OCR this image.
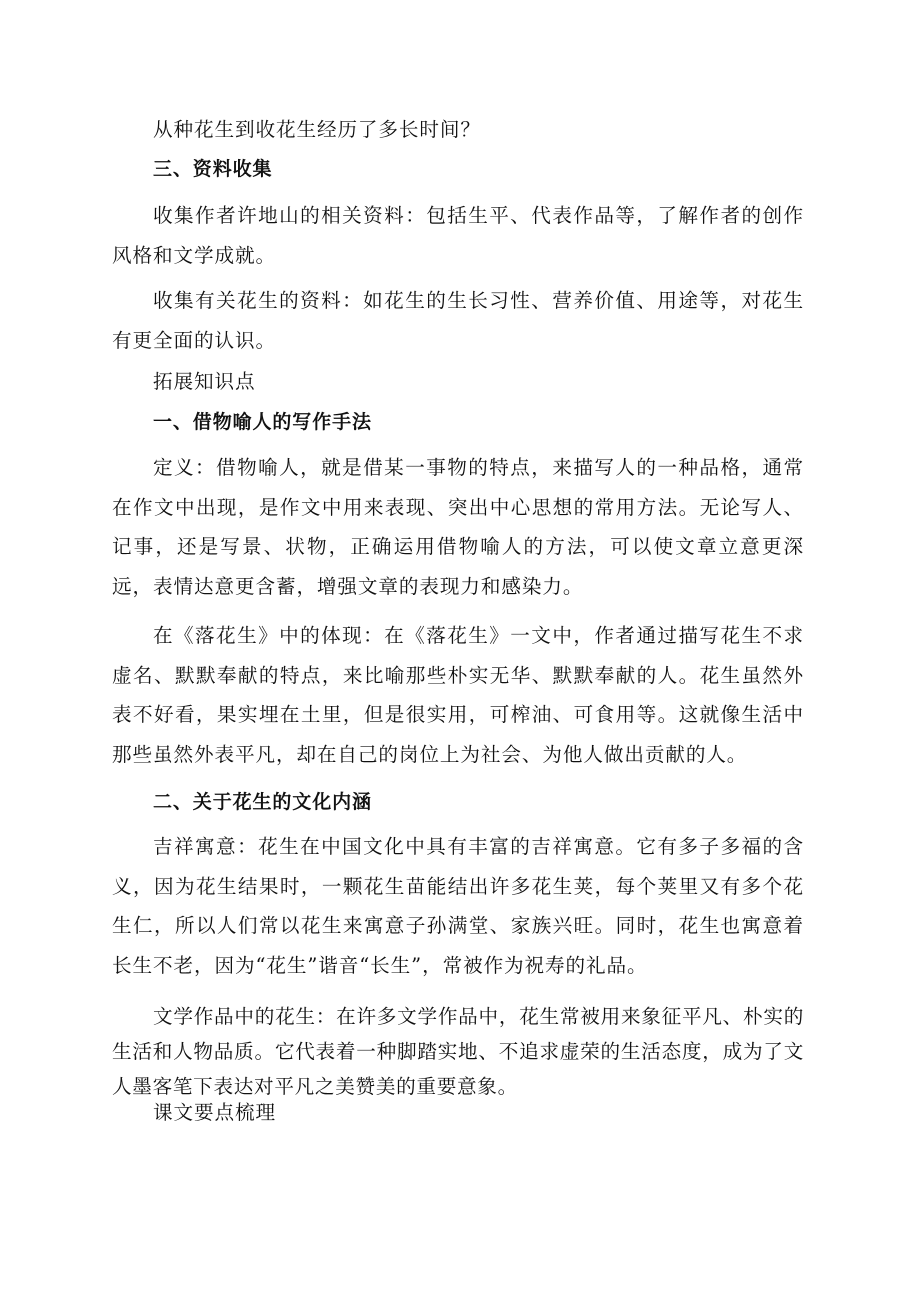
从种花生到收花生经历了多长时间？

三、资料收集

收集作者许地山的相关资料：包括生平、代表作品等，了解作者的创作风格和文学成就。

收集有关花生的资料：如花生的生长习性、营养价值、用途等，对花生有更全面的认识。

拓展知识点

一、借物喻人的写作手法

定义：借物喻人，就是借某一事物的特点，来描写人的一种品格，通常在作文中出现，是作文中用来表现、突出中心思想的常用方法。无论写人、记事，还是写景、状物，正确运用借物喻人的方法，可以使文章立意更深远，表情达意更含蓄，增强文章的表现力和感染力。

在《落花生》中的体现：在《落花生》一文中，作者通过描写花生不求虚名、默默奉献的特点，来比喻那些朴实无华、默默奉献的人。花生虽然外表不好看，果实埋在土里，但是很实用，可榨油、可食用等。这就像生活中那些虽然外表平凡，却在自己的岗位上为社会、为他人做出贡献的人。

二、关于花生的文化内涵

吉祥寓意：花生在中国文化中具有丰富的吉祥寓意。它有多子多福的含义，因为花生结果时，一颗花生苗能结出许多花生荚，每个荚里又有多个花生仁，所以人们常以花生来寓意子孙满堂、家族兴旺。同时，花生也寓意着长生不老，因为“花生”谐音“长生”，常被作为祝寿的礼品。

文学作品中的花生：在许多文学作品中，花生常被用来象征平凡、朴实的生活和人物品质。它代表着一种脚踏实地、不追求虚荣的生活态度，成为了文人墨客笔下表达对平凡之美赞美的重要意象。

课文要点梳理
